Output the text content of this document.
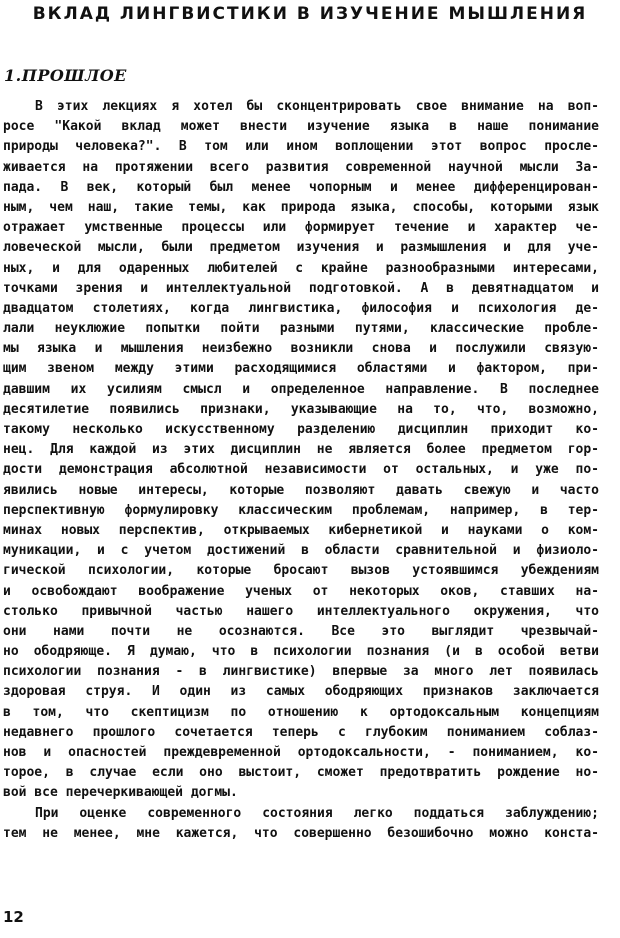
ВКЛАД ЛИНГВИСТИКИ В ИЗУЧЕНИЕ МЫШЛЕНИЯ
1.ПРОШЛОЕ
В этих лекциях я хотел бы сконцентрировать свое внимание на воп-
росе "Какой вклад может внести изучение языка в наше понимание
природы человека?". В том или ином воплощении этот вопрос прослe-
живается на протяжении всего развития современной научной мысли За-
пада. В век, который был менее чопорным и менее дифференцирован-
ным, чем наш, такие темы, как природа языка, способы, которыми язык
отражает умственные процессы или формирует течение и характер че-
ловеческой мысли, были предметом изучения и размышления и для уче-
ных, и для одаренных любителей с крайне разнообразными интересами,
точками зрения и интеллектуальной подготовкой. А в девятнадцатом и
двадцатом столетиях, когда лингвистика, философия и психология де-
лали неуклюжие попытки пойти разными путями, классические пробле-
мы языка и мышления неизбежно возникли снова и послужили связую-
щим звеном между этими расходящимися областями и фактором, при-
давшим их усилиям смысл и определенное направление. В последнее
десятилетие появились признаки, указывающие на то, что, возможно,
такому несколько искусственному разделению дисциплин приходит ко-
нец. Для каждой из этих дисциплин не является более предметом гор-
дости демонстрация абсолютной независимости от остальных, и уже по-
явились новые интересы, которые позволяют давать свежую и часто
перспективную формулировку классическим проблемам, например, в тер-
минах новых перспектив, открываемых кибернетикой и науками о ком-
муникации, и с учетом достижений в области сравнительной и физиоло-
гической психологии, которые бросают вызов устоявшимся убеждениям
и освобождают воображение ученых от некоторых оков, ставших на-
столько привычной частью нашего интеллектуального окружения, что
они нами почти не осознаются. Все это выглядит чрезвычай-
но ободряюще. Я думаю, что в психологии познания (и в особой ветви
психологии познания - в лингвистике) впервые за много лет появилась
здоровая струя. И один из самых ободряющих признаков заключается
в том, что скептицизм по отношению к ортодоксальным концепциям
недавнего прошлого сочетается теперь с глубоким пониманием соблаз-
нов и опасностей преждевременной ортодоксальности, - пониманием, ко-
торое, в случае если оно выстоит, сможет предотвратить рождение но-
вой все перечеркивающей догмы.
При оценке современного состояния легко поддаться заблуждению;
тем не менее, мне кажется, что совершенно безошибочно можно конста-
12
